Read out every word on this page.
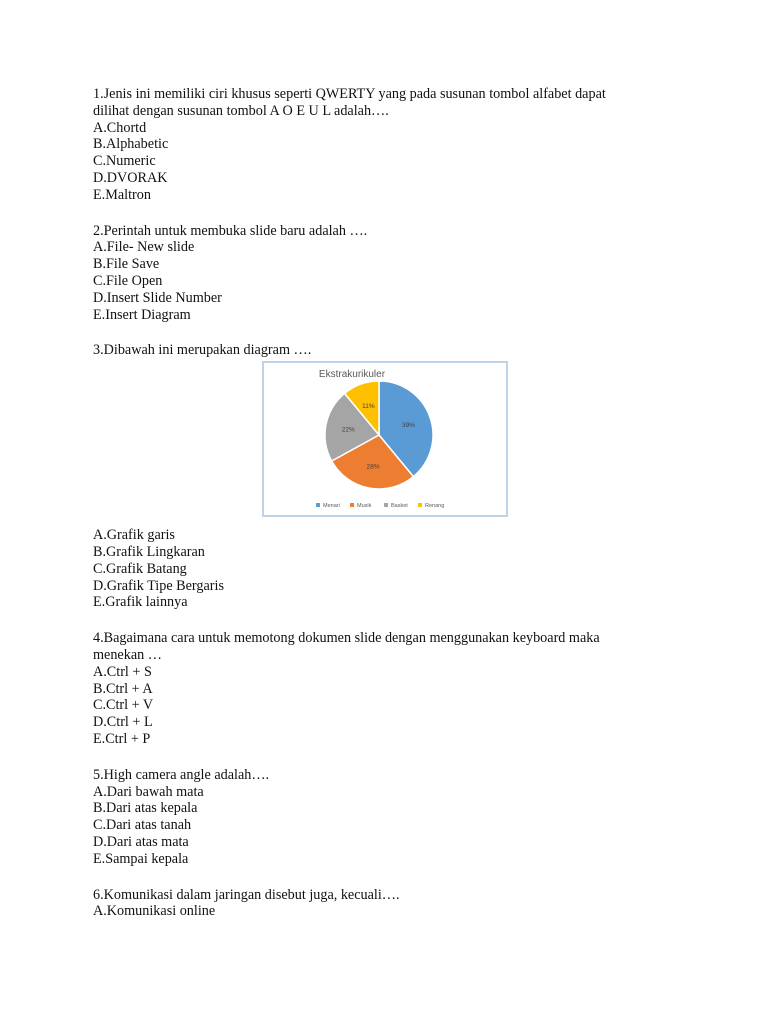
1.Jenis ini memiliki ciri khusus seperti QWERTY yang pada susunan tombol alfabet dapat
dilihat dengan susunan tombol A O E U L adalah….
A.Chortd
B.Alphabetic
C.Numeric
D.DVORAK
E.Maltron
2.Perintah untuk membuka slide baru adalah ….
A.File- New slide
B.File Save
C.File Open
D.Insert Slide Number
E.Insert Diagram
3.Dibawah ini merupakan diagram ….
Ekstrakurikuler
39%
28%
22%
11%
Menari	Musik	Basket	Renang
A.Grafik garis
B.Grafik Lingkaran
C.Grafik Batang
D.Grafik Tipe Bergaris
E.Grafik lainnya
4.Bagaimana cara untuk memotong dokumen slide dengan menggunakan keyboard maka
menekan …
A.Ctrl + S
B.Ctrl + A
C.Ctrl + V
D.Ctrl + L
E.Ctrl + P
5.High camera angle adalah….
A.Dari bawah mata
B.Dari atas kepala
C.Dari atas tanah
D.Dari atas mata
E.Sampai kepala
6.Komunikasi dalam jaringan disebut juga, kecuali….
A.Komunikasi online
